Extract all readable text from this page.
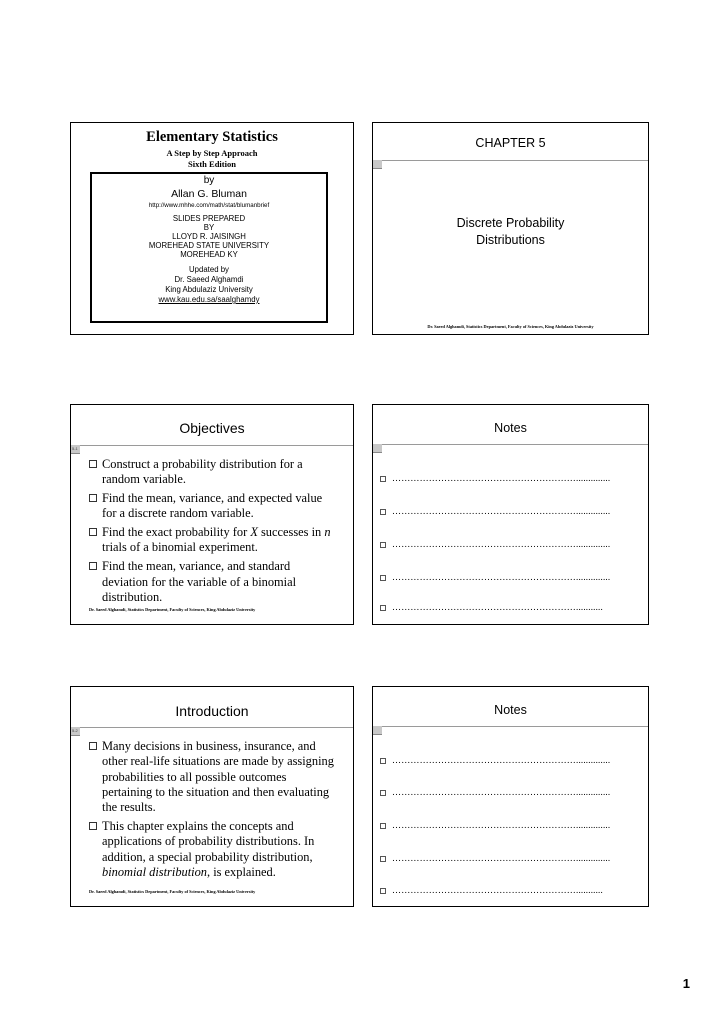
Elementary Statistics
A Step by Step Approach
Sixth Edition
by
Allan G. Bluman
http://www.mhhe.com/math/stat/blumanbrief
SLIDES PREPARED
BY
LLOYD R. JAISINGH
MOREHEAD STATE UNIVERSITY
MOREHEAD KY
Updated by
Dr. Saeed Alghamdi
King Abdulaziz University
www.kau.edu.sa/saalghamdy
CHAPTER 5
Discrete Probability
Distributions
Dr. Saeed Alghamdi, Statistics Department, Faculty of Sciences, King Abdulaziz University
Objectives
5-1
Construct a probability distribution for a random variable.
Find the mean, variance, and expected value for a discrete random variable.
Find the exact probability for X successes in n trials of a binomial experiment.
Find the mean, variance, and standard deviation for the variable of a binomial distribution.
Dr. Saeed Alghamdi, Statistics Department, Faculty of Sciences, King Abdulaziz University
Notes
……………………………………………………..............
……………………………………………………..............
……………………………………………………..............
……………………………………………………..............
……………………………………………………...........
Introduction
5-2
Many decisions in business, insurance, and other real-life situations are made by assigning probabilities to all possible outcomes pertaining to the situation and then evaluating the results.
This chapter explains the concepts and applications of probability distributions. In addition, a special probability distribution, binomial distribution, is explained.
Dr. Saeed Alghamdi, Statistics Department, Faculty of Sciences, King Abdulaziz University
Notes
……………………………………………………..............
……………………………………………………..............
……………………………………………………..............
……………………………………………………..............
……………………………………………………...........
1
